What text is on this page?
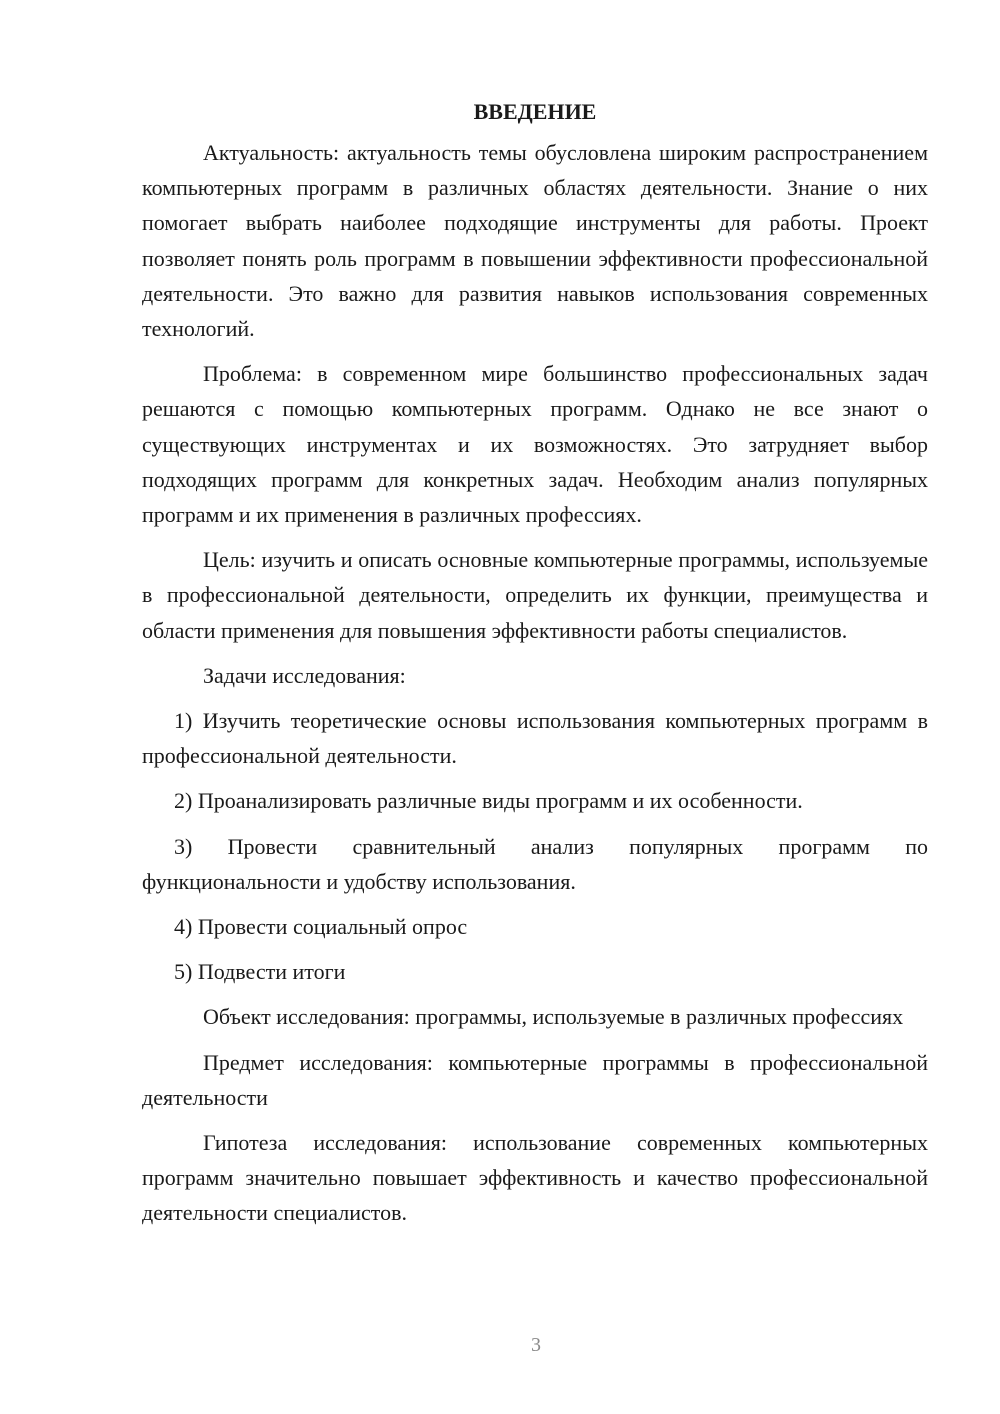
ВВЕДЕНИЕ

Актуальность: актуальность темы обусловлена широким распространением компьютерных программ в различных областях деятельности. Знание о них помогает выбрать наиболее подходящие инструменты для работы. Проект позволяет понять роль программ в повышении эффективности профессиональной деятельности. Это важно для развития навыков использования современных технологий.

Проблема: в современном мире большинство профессиональных задач решаются с помощью компьютерных программ. Однако не все знают о существующих инструментах и их возможностях. Это затрудняет выбор подходящих программ для конкретных задач. Необходим анализ популярных программ и их применения в различных профессиях.

Цель: изучить и описать основные компьютерные программы, используемые в профессиональной деятельности, определить их функции, преимущества и области применения для повышения эффективности работы специалистов.

Задачи исследования:

1) Изучить теоретические основы использования компьютерных программ в профессиональной деятельности.

2) Проанализировать различные виды программ и их особенности.

3) Провести сравнительный анализ популярных программ по функциональности и удобству использования.

4) Провести социальный опрос

5) Подвести итоги

Объект исследования: программы, используемые в различных профессиях

Предмет исследования: компьютерные программы в профессиональной деятельности

Гипотеза исследования: использование современных компьютерных программ значительно повышает эффективность и качество профессиональной деятельности специалистов.

3
